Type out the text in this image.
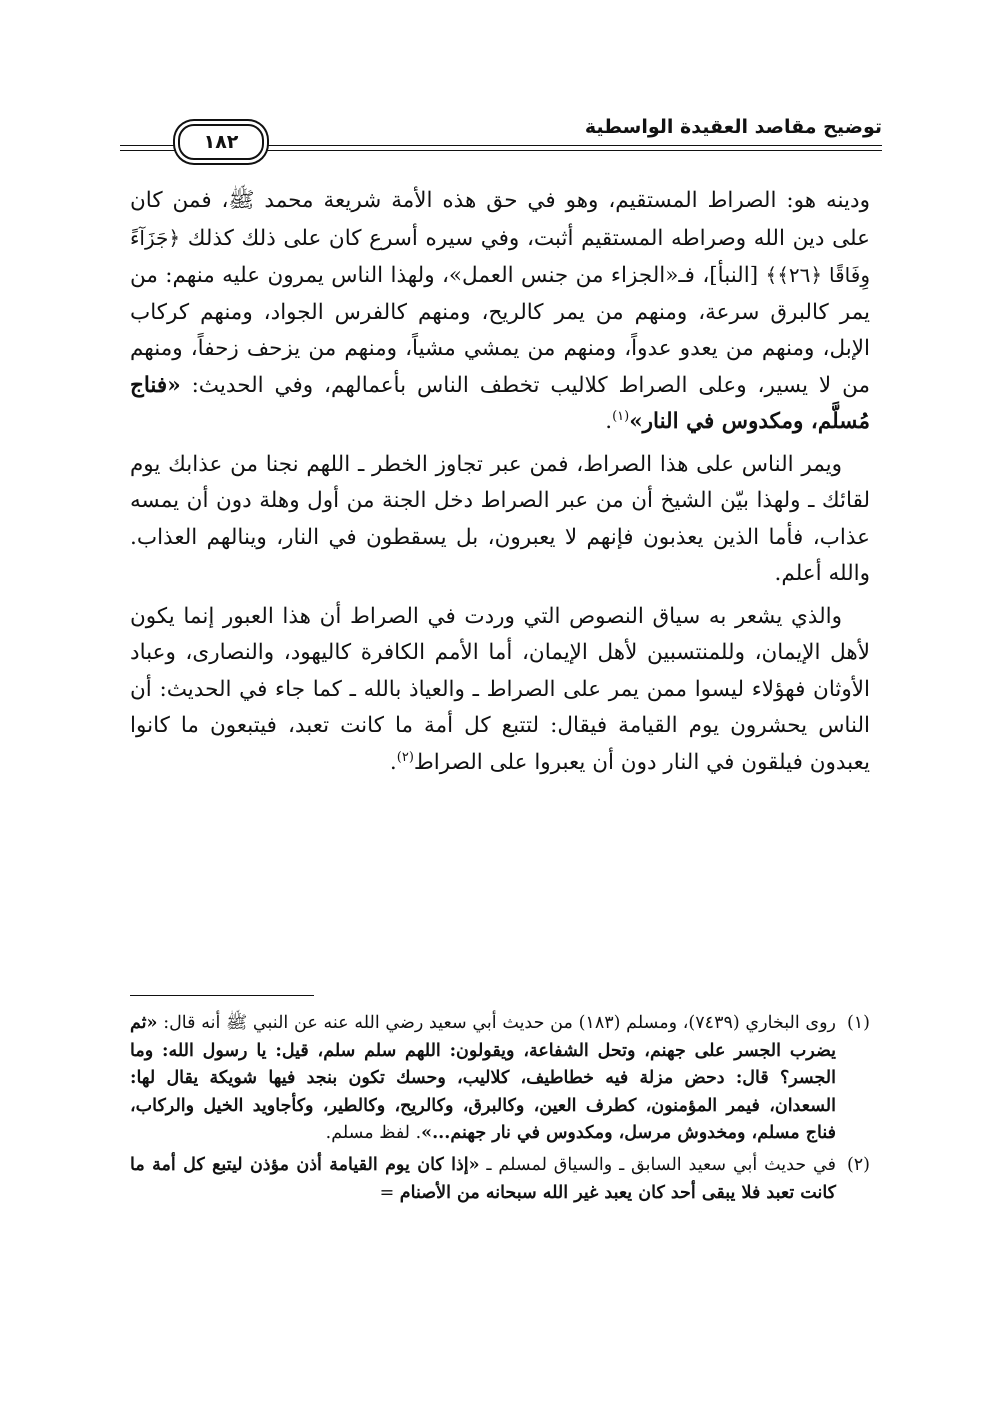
توضيح مقاصد العقيدة الواسطية
١٨٢

ودينه هو: الصراط المستقيم، وهو في حق هذه الأمة شريعة محمد ﷺ، فمن كان على دين الله وصراطه المستقيم أثبت، وفي سيره أسرع كان على ذلك كذلك ﴿جَزَآءً وِفَاقًا ﴿٢٦﴾﴾ [النبأ]، فـ«الجزاء من جنس العمل»، ولهذا الناس يمرون عليه منهم: من يمر كالبرق سرعة، ومنهم من يمر كالريح، ومنهم كالفرس الجواد، ومنهم كركاب الإبل، ومنهم من يعدو عدواً، ومنهم من يمشي مشياً، ومنهم من يزحف زحفاً، ومنهم من لا يسير، وعلى الصراط كلاليب تخطف الناس بأعمالهم، وفي الحديث: «فناج مُسلَّم، ومكدوس في النار»$^{(١)}$.

ويمر الناس على هذا الصراط، فمن عبر تجاوز الخطر ـ اللهم نجنا من عذابك يوم لقائك ـ ولهذا بيّن الشيخ أن من عبر الصراط دخل الجنة من أول وهلة دون أن يمسه عذاب، فأما الذين يعذبون فإنهم لا يعبرون، بل يسقطون في النار، وينالهم العذاب. والله أعلم.

والذي يشعر به سياق النصوص التي وردت في الصراط أن هذا العبور إنما يكون لأهل الإيمان، وللمنتسبين لأهل الإيمان، أما الأمم الكافرة كاليهود، والنصارى، وعباد الأوثان فهؤلاء ليسوا ممن يمر على الصراط ـ والعياذ بالله ـ كما جاء في الحديث: أن الناس يحشرون يوم القيامة فيقال: لتتبع كل أمة ما كانت تعبد، فيتبعون ما كانوا يعبدون فيلقون في النار دون أن يعبروا على الصراط$^{(٢)}$.

(١)
روى البخاري (٧٤٣٩)، ومسلم (١٨٣) من حديث أبي سعيد رضي الله عنه عن النبي ﷺ أنه قال: «ثم يضرب الجسر على جهنم، وتحل الشفاعة، ويقولون: اللهم سلم سلم، قيل: يا رسول الله: وما الجسر؟ قال: دحض مزلة فيه خطاطيف، كلاليب، وحسك تكون بنجد فيها شويكة يقال لها: السعدان، فيمر المؤمنون، كطرف العين، وكالبرق، وكالريح، وكالطير، وكأجاويد الخيل والركاب، فناج مسلم، ومخدوش مرسل، ومكدوس في نار جهنم...». لفظ مسلم.
(٢)
في حديث أبي سعيد السابق ـ والسياق لمسلم ـ «إذا كان يوم القيامة أذن مؤذن ليتبع كل أمة ما كانت تعبد فلا يبقى أحد كان يعبد غير الله سبحانه من الأصنام =
